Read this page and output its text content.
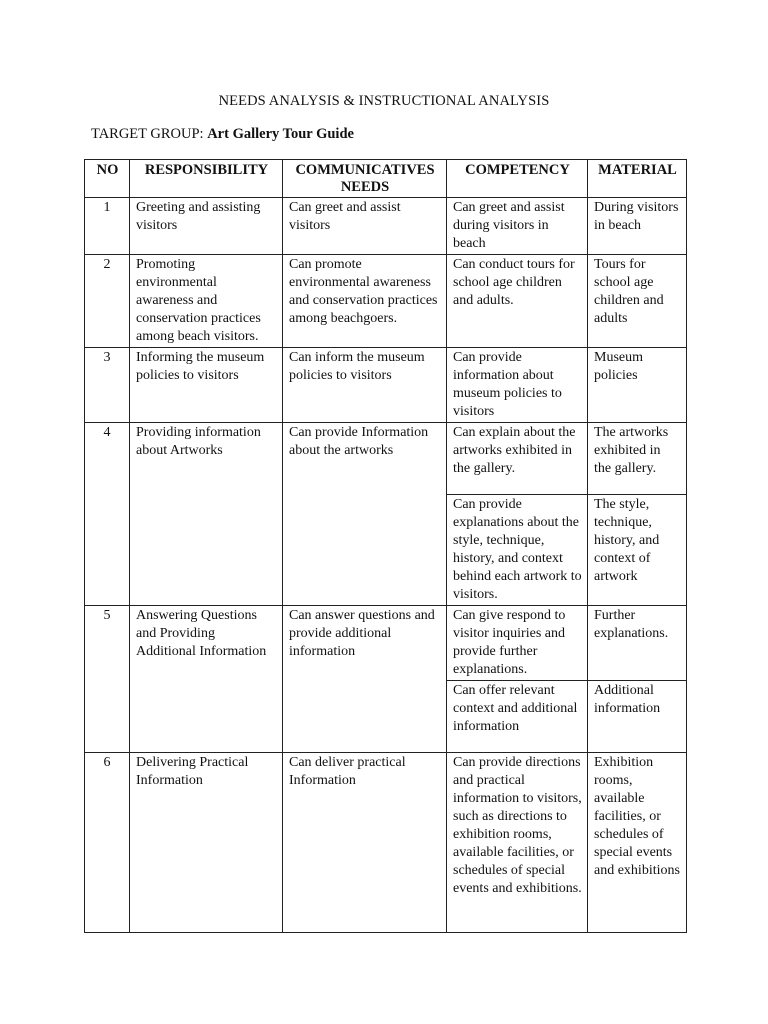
NEEDS ANALYSIS & INSTRUCTIONAL ANALYSIS
TARGET GROUP: Art Gallery Tour Guide
NO	RESPONSIBILITY	COMMUNICATIVES NEEDS	COMPETENCY	MATERIAL
1	Greeting and assisting visitors	Can greet and assist visitors	Can greet and assist during visitors in beach	During visitors in beach
2	Promoting environmental awareness and conservation practices among beach visitors.	Can promote environmental awareness and conservation practices among beachgoers.	Can conduct tours for school age children and adults.	Tours for school age children and adults
3	Informing the museum policies to visitors	Can inform the museum policies to visitors	Can provide information about museum policies to visitors	Museum policies
4	Providing information about Artworks	Can provide Information about the artworks	Can explain about the artworks exhibited in the gallery.	The artworks exhibited in the gallery.
			Can provide explanations about the style, technique, history, and context behind each artwork to visitors.	The style, technique, history, and context of artwork
5	Answering Questions and Providing Additional Information	Can answer questions and provide additional information	Can give respond to visitor inquiries and provide further explanations.	Further explanations.
			Can offer relevant context and additional information	Additional information
6	Delivering Practical Information	Can deliver practical Information	Can provide directions and practical information to visitors, such as directions to exhibition rooms, available facilities, or schedules of special events and exhibitions.	Exhibition rooms, available facilities, or schedules of special events and exhibitions
